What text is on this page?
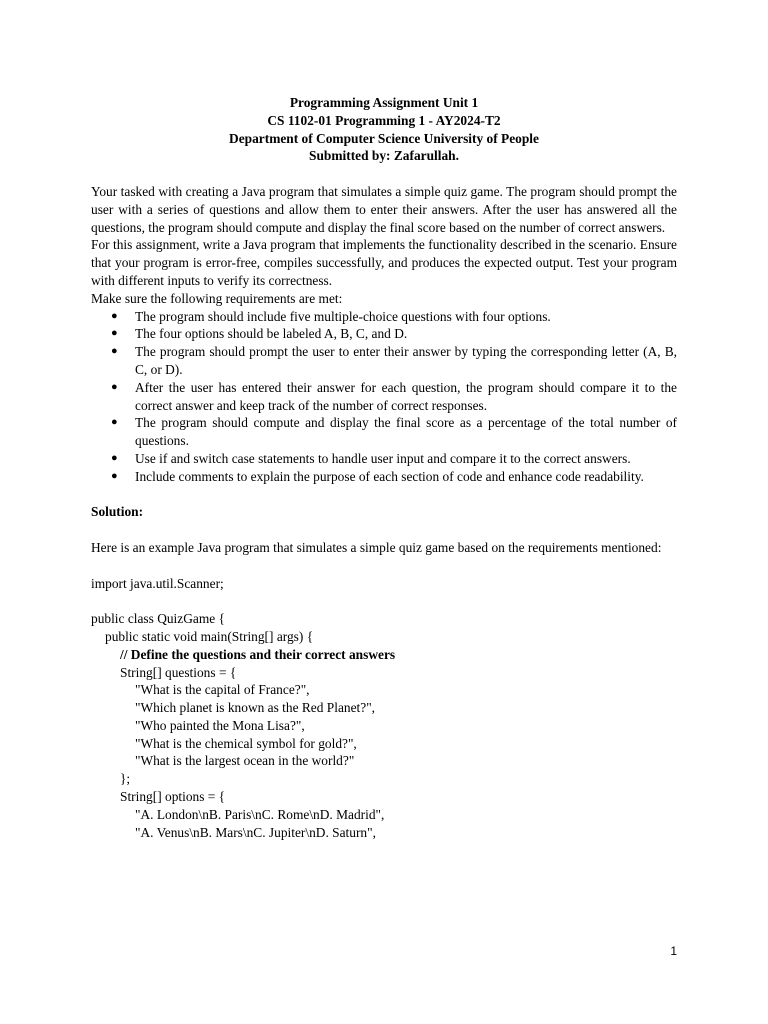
Programming Assignment Unit 1
CS 1102-01 Programming 1 - AY2024-T2
Department of Computer Science University of People
Submitted by: Zafarullah.
Your tasked with creating a Java program that simulates a simple quiz game. The program should prompt the user with a series of questions and allow them to enter their answers. After the user has answered all the questions, the program should compute and display the final score based on the number of correct answers.
For this assignment, write a Java program that implements the functionality described in the scenario. Ensure that your program is error-free, compiles successfully, and produces the expected output. Test your program with different inputs to verify its correctness.
Make sure the following requirements are met:
● The program should include five multiple-choice questions with four options.
● The four options should be labeled A, B, C, and D.
● The program should prompt the user to enter their answer by typing the corresponding letter (A, B, C, or D).
● After the user has entered their answer for each question, the program should compare it to the correct answer and keep track of the number of correct responses.
● The program should compute and display the final score as a percentage of the total number of questions.
● Use if and switch case statements to handle user input and compare it to the correct answers.
● Include comments to explain the purpose of each section of code and enhance code readability.
Solution:
Here is an example Java program that simulates a simple quiz game based on the requirements mentioned:
import java.util.Scanner;
public class QuizGame {
public static void main(String[] args) {
// Define the questions and their correct answers
String[] questions = {
"What is the capital of France?",
"Which planet is known as the Red Planet?",
"Who painted the Mona Lisa?",
"What is the chemical symbol for gold?",
"What is the largest ocean in the world?"
};
String[] options = {
"A. London\nB. Paris\nC. Rome\nD. Madrid",
"A. Venus\nB. Mars\nC. Jupiter\nD. Saturn",
1
